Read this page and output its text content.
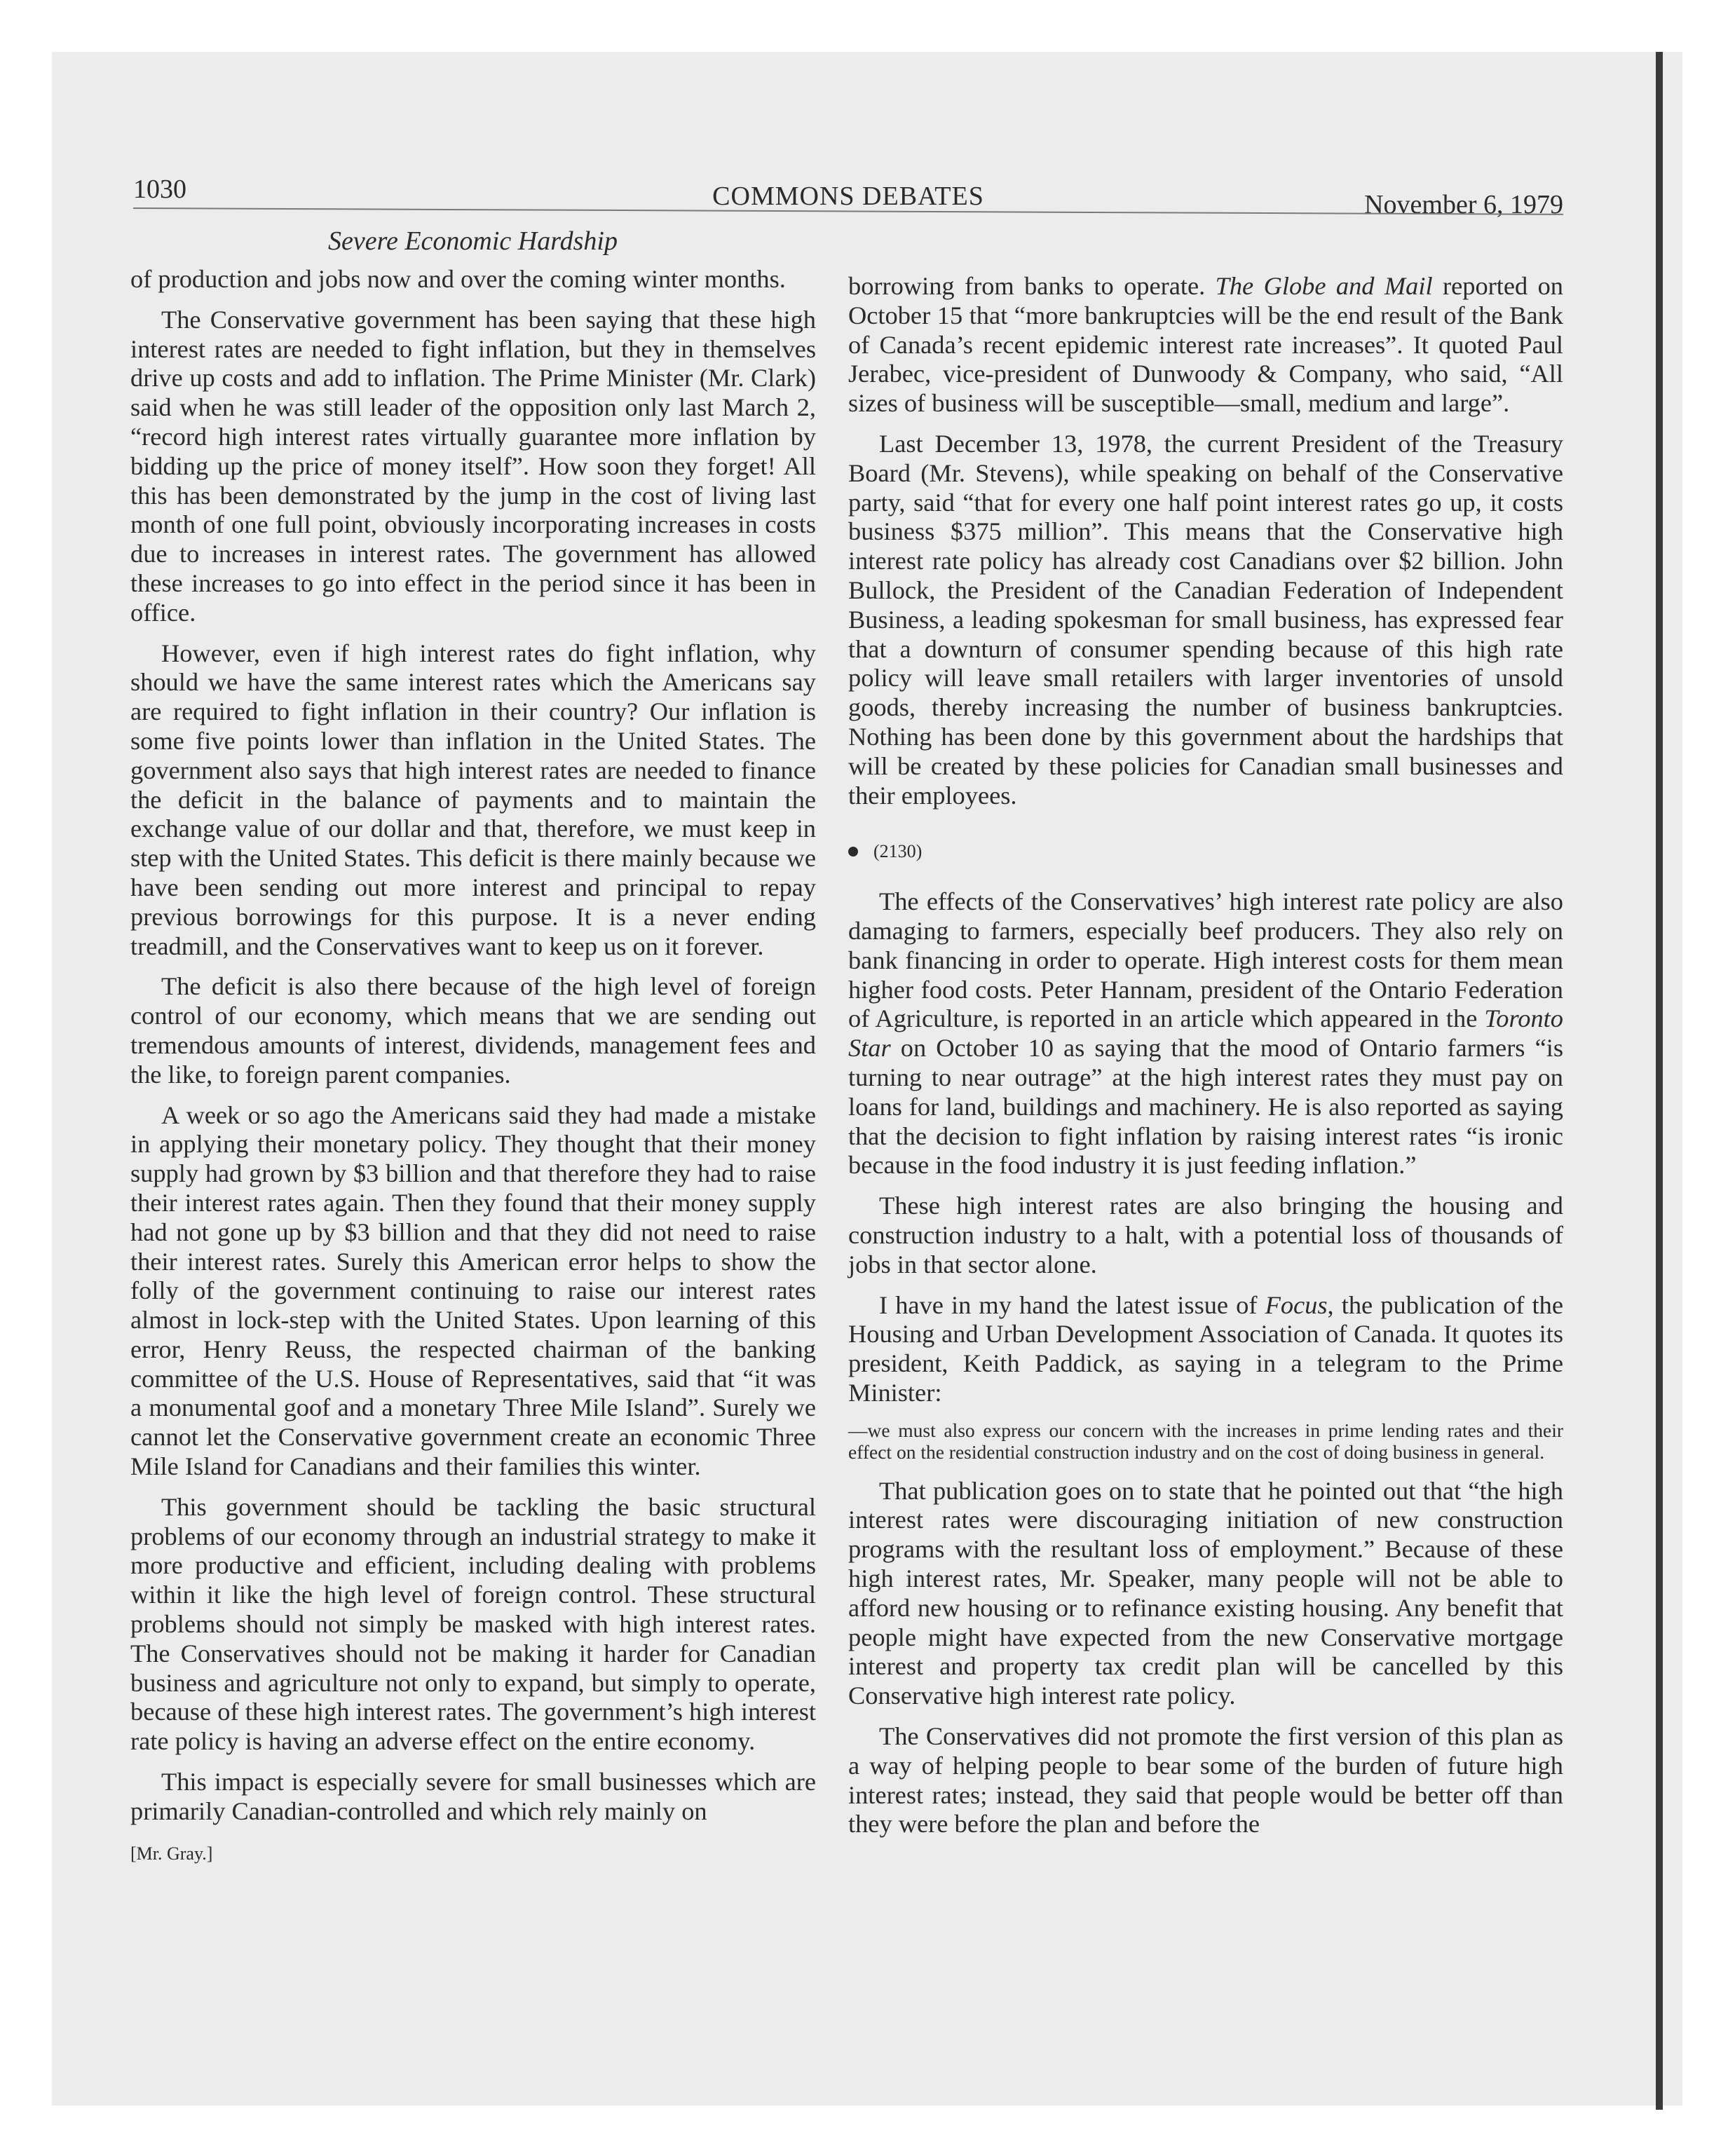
1030	COMMONS DEBATES	November 6, 1979
Severe Economic Hardship

of production and jobs now and over the coming winter months.

The Conservative government has been saying that these high interest rates are needed to fight inflation, but they in themselves drive up costs and add to inflation. The Prime Minister (Mr. Clark) said when he was still leader of the opposition only last March 2, “record high interest rates virtually guarantee more inflation by bidding up the price of money itself”. How soon they forget! All this has been demonstrated by the jump in the cost of living last month of one full point, obviously incorporating increases in costs due to increases in interest rates. The government has allowed these increases to go into effect in the period since it has been in office.

However, even if high interest rates do fight inflation, why should we have the same interest rates which the Americans say are required to fight inflation in their country? Our inflation is some five points lower than inflation in the United States. The government also says that high interest rates are needed to finance the deficit in the balance of payments and to maintain the exchange value of our dollar and that, therefore, we must keep in step with the United States. This deficit is there mainly because we have been sending out more interest and principal to repay previous borrowings for this purpose. It is a never ending treadmill, and the Conservatives want to keep us on it forever.

The deficit is also there because of the high level of foreign control of our economy, which means that we are sending out tremendous amounts of interest, dividends, management fees and the like, to foreign parent companies.

A week or so ago the Americans said they had made a mistake in applying their monetary policy. They thought that their money supply had grown by $3 billion and that therefore they had to raise their interest rates again. Then they found that their money supply had not gone up by $3 billion and that they did not need to raise their interest rates. Surely this American error helps to show the folly of the government continuing to raise our interest rates almost in lock-step with the United States. Upon learning of this error, Henry Reuss, the respected chairman of the banking committee of the U.S. House of Representatives, said that “it was a monumental goof and a monetary Three Mile Island”. Surely we cannot let the Conservative government create an economic Three Mile Island for Canadians and their families this winter.

This government should be tackling the basic structural problems of our economy through an industrial strategy to make it more productive and efficient, including dealing with problems within it like the high level of foreign control. These structural problems should not simply be masked with high interest rates. The Conservatives should not be making it harder for Canadian business and agriculture not only to expand, but simply to operate, because of these high interest rates. The government’s high interest rate policy is having an adverse effect on the entire economy.

This impact is especially severe for small businesses which are primarily Canadian-controlled and which rely mainly on

[Mr. Gray.]

borrowing from banks to operate. The Globe and Mail reported on October 15 that “more bankruptcies will be the end result of the Bank of Canada’s recent epidemic interest rate increases”. It quoted Paul Jerabec, vice-president of Dunwoody & Company, who said, “All sizes of business will be susceptible—small, medium and large”.

Last December 13, 1978, the current President of the Treasury Board (Mr. Stevens), while speaking on behalf of the Conservative party, said “that for every one half point interest rates go up, it costs business $375 million”. This means that the Conservative high interest rate policy has already cost Canadians over $2 billion. John Bullock, the President of the Canadian Federation of Independent Business, a leading spokesman for small business, has expressed fear that a downturn of consumer spending because of this high rate policy will leave small retailers with larger inventories of unsold goods, thereby increasing the number of business bankruptcies. Nothing has been done by this government about the hardships that will be created by these policies for Canadian small businesses and their employees.

(2130)

The effects of the Conservatives’ high interest rate policy are also damaging to farmers, especially beef producers. They also rely on bank financing in order to operate. High interest costs for them mean higher food costs. Peter Hannam, president of the Ontario Federation of Agriculture, is reported in an article which appeared in the Toronto Star on October 10 as saying that the mood of Ontario farmers “is turning to near outrage” at the high interest rates they must pay on loans for land, buildings and machinery. He is also reported as saying that the decision to fight inflation by raising interest rates “is ironic because in the food industry it is just feeding inflation.”

These high interest rates are also bringing the housing and construction industry to a halt, with a potential loss of thousands of jobs in that sector alone.

I have in my hand the latest issue of Focus, the publication of the Housing and Urban Development Association of Canada. It quotes its president, Keith Paddick, as saying in a telegram to the Prime Minister:

—we must also express our concern with the increases in prime lending rates and their effect on the residential construction industry and on the cost of doing business in general.

That publication goes on to state that he pointed out that “the high interest rates were discouraging initiation of new construction programs with the resultant loss of employment.” Because of these high interest rates, Mr. Speaker, many people will not be able to afford new housing or to refinance existing housing. Any benefit that people might have expected from the new Conservative mortgage interest and property tax credit plan will be cancelled by this Conservative high interest rate policy.

The Conservatives did not promote the first version of this plan as a way of helping people to bear some of the burden of future high interest rates; instead, they said that people would be better off than they were before the plan and before the
